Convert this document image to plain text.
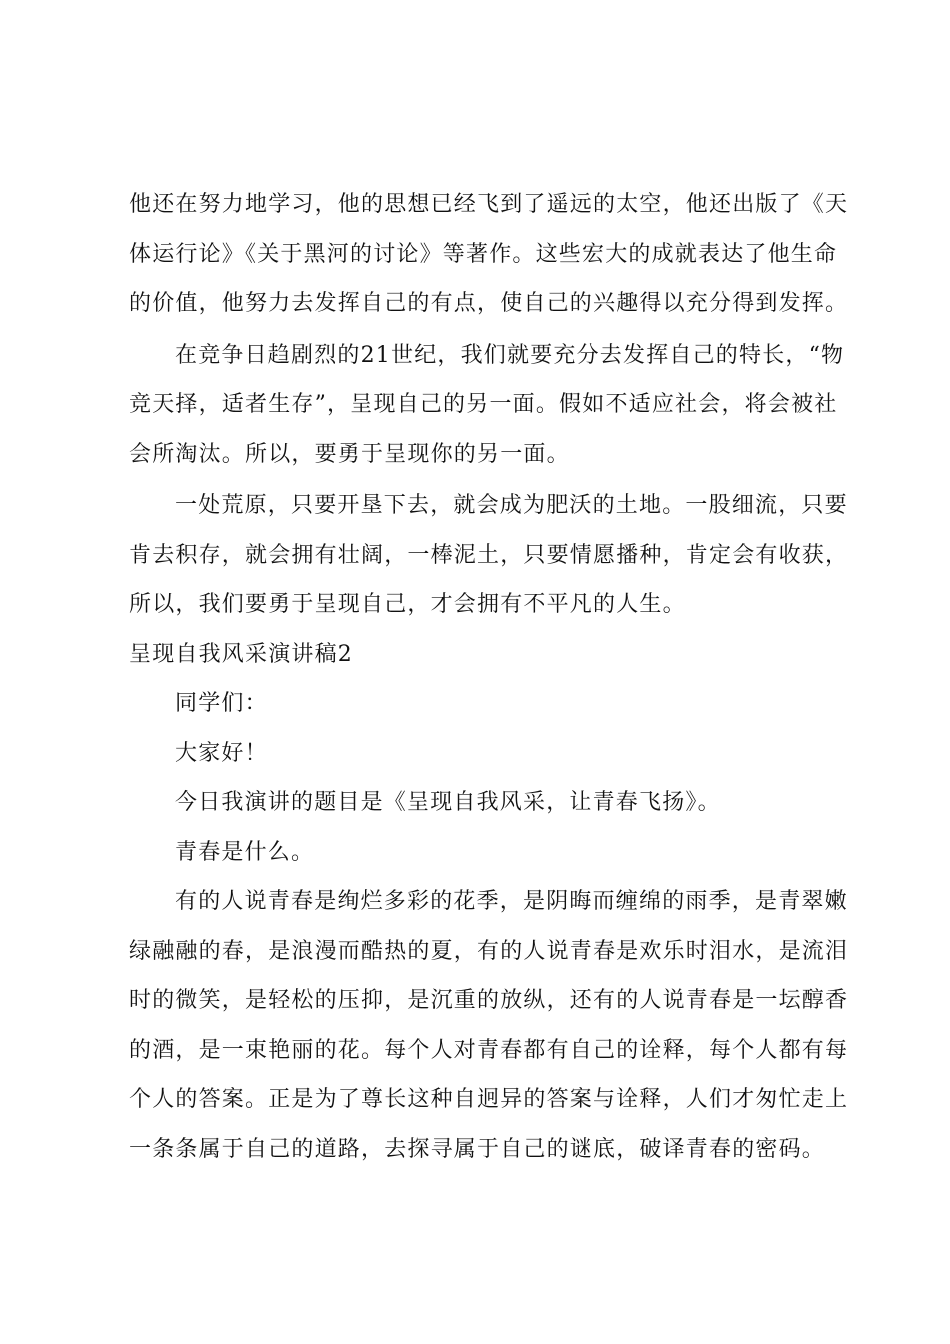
他还在努力地学习，他的思想已经飞到了遥远的太空，他还出版了《天
体运行论》《关于黑河的讨论》等著作。这些宏大的成就表达了他生命
的价值，他努力去发挥自己的有点，使自己的兴趣得以充分得到发挥。
在竞争日趋剧烈的21世纪，我们就要充分去发挥自己的特长，“物
竞天择，适者生存”，呈现自己的另一面。假如不适应社会，将会被社
会所淘汰。所以，要勇于呈现你的另一面。
一处荒原，只要开垦下去，就会成为肥沃的土地。一股细流，只要
肯去积存，就会拥有壮阔，一棒泥土，只要情愿播种，肯定会有收获，
所以，我们要勇于呈现自己，才会拥有不平凡的人生。
呈现自我风采演讲稿2
同学们：
大家好！
今日我演讲的题目是《呈现自我风采，让青春飞扬》。
青春是什么。
有的人说青春是绚烂多彩的花季，是阴晦而缠绵的雨季，是青翠嫩
绿融融的春，是浪漫而酷热的夏，有的人说青春是欢乐时泪水，是流泪
时的微笑，是轻松的压抑，是沉重的放纵，还有的人说青春是一坛醇香
的酒，是一束艳丽的花。每个人对青春都有自己的诠释，每个人都有每
个人的答案。正是为了尊长这种自迥异的答案与诠释，人们才匆忙走上
一条条属于自己的道路，去探寻属于自己的谜底，破译青春的密码。
